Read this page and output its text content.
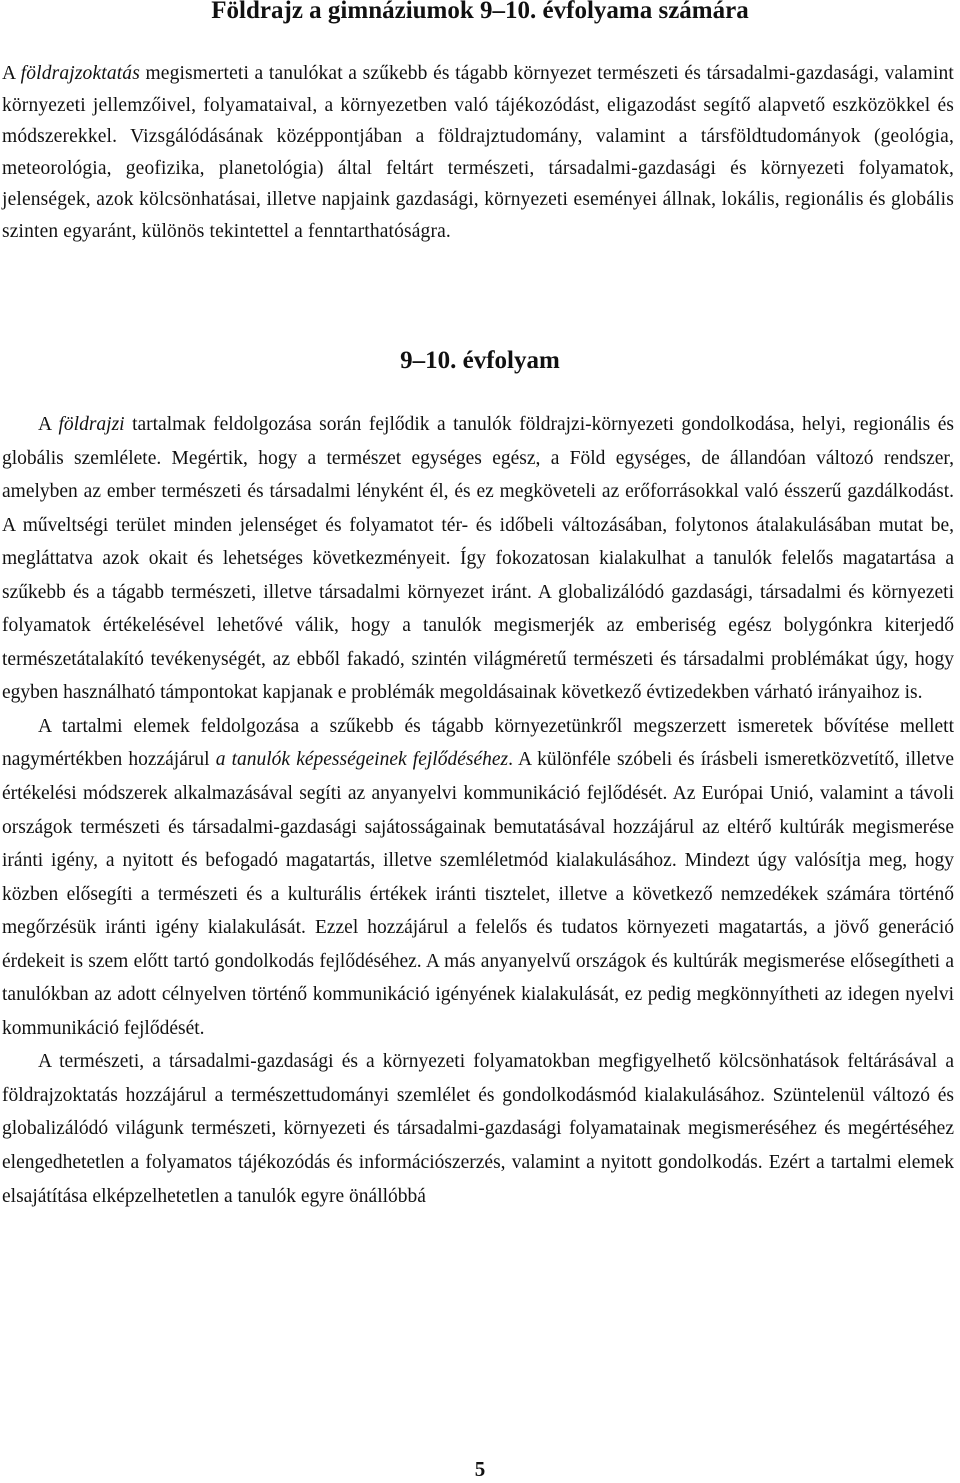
Földrajz a gimnáziumok 9–10. évfolyama számára

A földrajzoktatás megismerteti a tanulókat a szűkebb és tágabb környezet természeti és társadalmi-gazdasági, valamint környezeti jellemzőivel, folyamataival, a környezetben való tájékozódást, eligazodást segítő alapvető eszközökkel és módszerekkel. Vizsgálódásának középpontjában a földrajztudomány, valamint a társföldtudományok (geológia, meteorológia, geofizika, planetológia) által feltárt természeti, társadalmi-gazdasági és környezeti folyamatok, jelenségek, azok kölcsönhatásai, illetve napjaink gazdasági, környezeti eseményei állnak, lokális, regionális és globális szinten egyaránt, különös tekintettel a fenntarthatóságra.

9–10. évfolyam

A földrajzi tartalmak feldolgozása során fejlődik a tanulók földrajzi-környezeti gondolkodása, helyi, regionális és globális szemlélete. Megértik, hogy a természet egységes egész, a Föld egységes, de állandóan változó rendszer, amelyben az ember természeti és társadalmi lényként él, és ez megköveteli az erőforrásokkal való ésszerű gazdálkodást. A műveltségi terület minden jelenséget és folyamatot tér- és időbeli változásában, folytonos átalakulásában mutat be, megláttatva azok okait és lehetséges következményeit. Így fokozatosan kialakulhat a tanulók felelős magatartása a szűkebb és a tágabb természeti, illetve társadalmi környezet iránt. A globalizálódó gazdasági, társadalmi és környezeti folyamatok értékelésével lehetővé válik, hogy a tanulók megismerjék az emberiség egész bolygónkra kiterjedő természetátalakító tevékenységét, az ebből fakadó, szintén világméretű természeti és társadalmi problémákat úgy, hogy egyben használható támpontokat kapjanak e problémák megoldásainak következő évtizedekben várható irányaihoz is.

A tartalmi elemek feldolgozása a szűkebb és tágabb környezetünkről megszerzett ismeretek bővítése mellett nagymértékben hozzájárul a tanulók képességeinek fejlődéséhez. A különféle szóbeli és írásbeli ismeretközvetítő, illetve értékelési módszerek alkalmazásával segíti az anyanyelvi kommunikáció fejlődését. Az Európai Unió, valamint a távoli országok természeti és társadalmi-gazdasági sajátosságainak bemutatásával hozzájárul az eltérő kultúrák megismerése iránti igény, a nyitott és befogadó magatartás, illetve szemléletmód kialakulásához. Mindezt úgy valósítja meg, hogy közben elősegíti a természeti és a kulturális értékek iránti tisztelet, illetve a következő nemzedékek számára történő megőrzésük iránti igény kialakulását. Ezzel hozzájárul a felelős és tudatos környezeti magatartás, a jövő generáció érdekeit is szem előtt tartó gondolkodás fejlődéséhez. A más anyanyelvű országok és kultúrák megismerése elősegítheti a tanulókban az adott célnyelven történő kommunikáció igényének kialakulását, ez pedig megkönnyítheti az idegen nyelvi kommunikáció fejlődését.

A természeti, a társadalmi-gazdasági és a környezeti folyamatokban megfigyelhető kölcsönhatások feltárásával a földrajzoktatás hozzájárul a természettudományi szemlélet és gondolkodásmód kialakulásához. Szüntelenül változó és globalizálódó világunk természeti, környezeti és társadalmi-gazdasági folyamatainak megismeréséhez és megértéséhez elengedhetetlen a folyamatos tájékozódás és információszerzés, valamint a nyitott gondolkodás. Ezért a tartalmi elemek elsajátítása elképzelhetetlen a tanulók egyre önállóbbá

5
